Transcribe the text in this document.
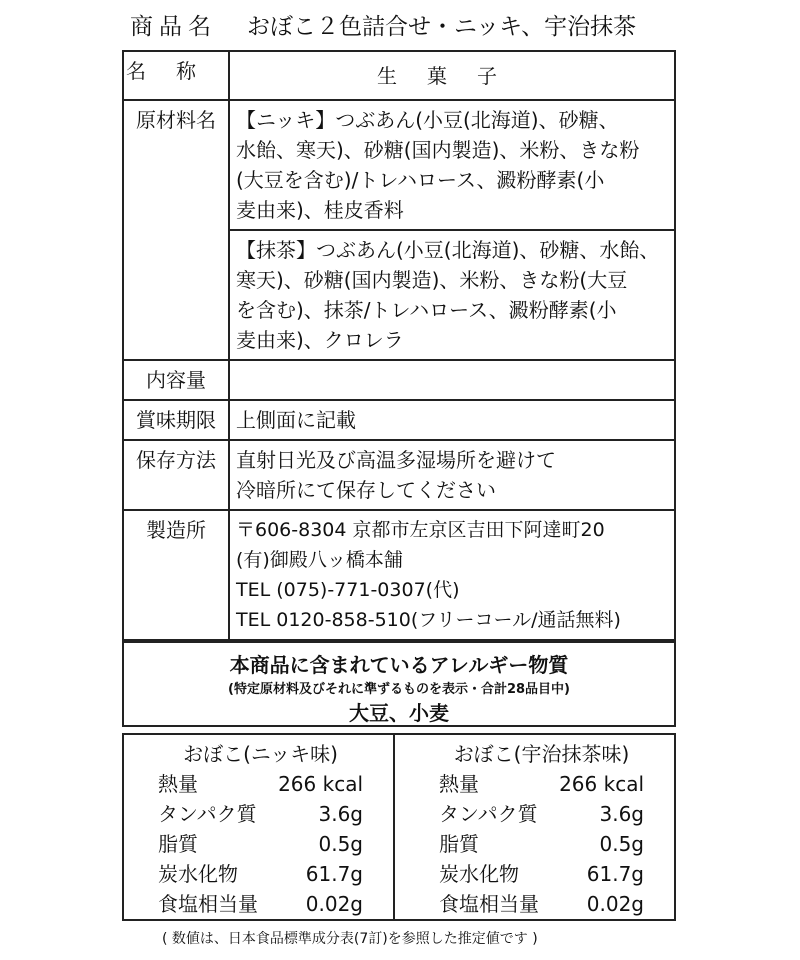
商品名 おぼこ２色詰合せ・ニッキ、宇治抹茶
名称	生菓子
原材料名	【ニッキ】つぶあん(小豆(北海道)、砂糖、
水飴、寒天)、砂糖(国内製造)、米粉、きな粉
(大豆を含む)/トレハロース、澱粉酵素(小
麦由来)、桂皮香料

	【抹茶】つぶあん(小豆(北海道)、砂糖、水飴、
寒天)、砂糖(国内製造)、米粉、きな粉(大豆
を含む)、抹茶/トレハロース、澱粉酵素(小
麦由来)、クロレラ

内容量	
賞味期限	上側面に記載
保存方法	直射日光及び高温多湿場所を避けて
冷暗所にて保存してください

製造所	〒606-8304 京都市左京区吉田下阿達町20
(有)御殿八ッ橋本舗
TEL (075)-771-0307(代)
TEL 0120-858-510(フリーコール/通話無料)
本商品に含まれているアレルギー物質
(特定原材料及びそれに準ずるものを表示・合計28品目中)
大豆、小麦
おぼこ(ニッキ味)
熱量	266 kcal
タンパク質	3.6g
脂質	0.5g
炭水化物	61.7g
食塩相当量 0.02g
おぼこ(宇治抹茶味)
熱量	266 kcal
タンパク質	3.6g
脂質	0.5g
炭水化物	61.7g
食塩相当量 0.02g
( 数値は、日本食品標準成分表(7訂)を参照した推定値です )
